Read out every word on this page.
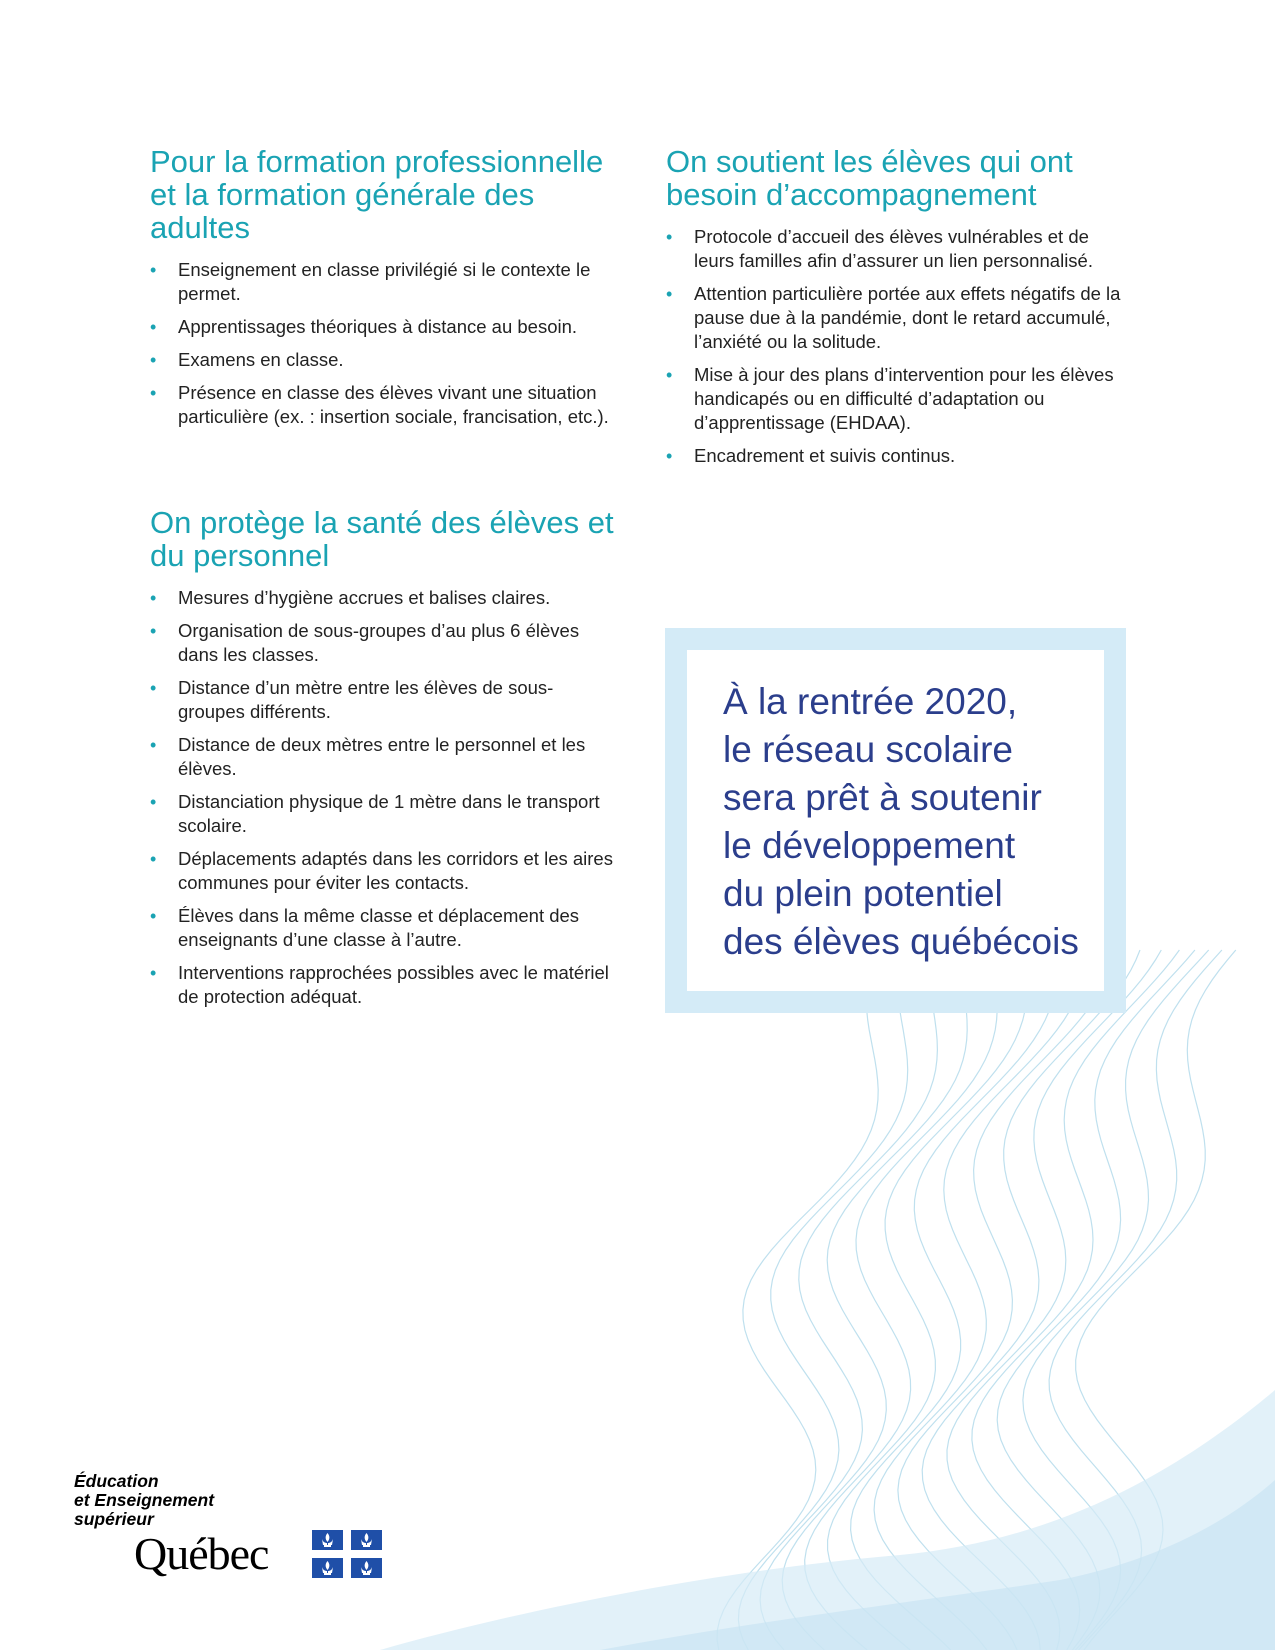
Pour la formation professionnelle et la formation générale des adultes
• Enseignement en classe privilégié si le contexte le permet.
• Apprentissages théoriques à distance au besoin.
• Examens en classe.
• Présence en classe des élèves vivant une situation particulière (ex. : insertion sociale, francisation, etc.).
On protège la santé des élèves et du personnel
• Mesures d’hygiène accrues et balises claires.
• Organisation de sous-groupes d’au plus 6 élèves dans les classes.
• Distance d’un mètre entre les élèves de sous-groupes différents.
• Distance de deux mètres entre le personnel et les élèves.
• Distanciation physique de 1 mètre dans le transport scolaire.
• Déplacements adaptés dans les corridors et les aires communes pour éviter les contacts.
• Élèves dans la même classe et déplacement des enseignants d’une classe à l’autre.
• Interventions rapprochées possibles avec le matériel de protection adéquat.
On soutient les élèves qui ont besoin d’accompagnement
• Protocole d’accueil des élèves vulnérables et de leurs familles afin d’assurer un lien personnalisé.
• Attention particulière portée aux effets négatifs de la pause due à la pandémie, dont le retard accumulé, l’anxiété ou la solitude.
• Mise à jour des plans d’intervention pour les élèves handicapés ou en difficulté d’adaptation ou d’apprentissage (EHDAA).
• Encadrement et suivis continus.

À la rentrée 2020,
le réseau scolaire
sera prêt à soutenir
le développement
du plein potentiel
des élèves québécois

Éducation
et Enseignement
supérieur
Québec
